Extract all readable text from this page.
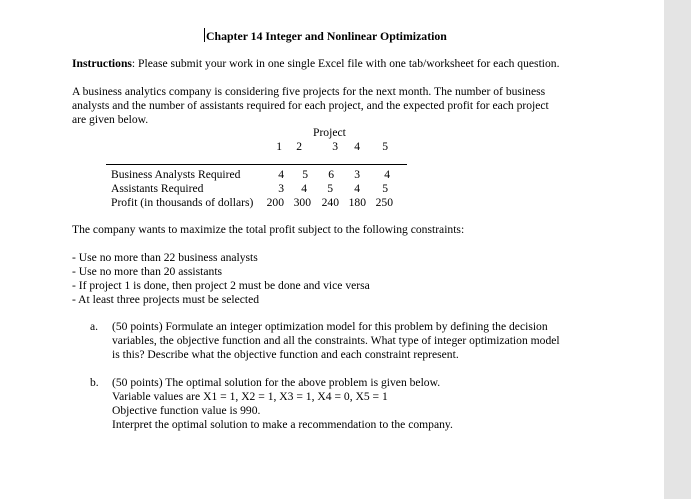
Chapter 14 Integer and Nonlinear Optimization
Instructions: Please submit your work in one single Excel file with one tab/worksheet for each question.
A business analytics company is considering five projects for the next month. The number of business
analysts and the number of assistants required for each project, and the expected profit for each project
are given below.
Project
1	2	3	4	5
Business Analysts Required	4	5	6	3	4
Assistants Required	3	4	5	4	5
Profit (in thousands of dollars)	200 300 240 180 250
The company wants to maximize the total profit subject to the following constraints:
- Use no more than 22 business analysts
- Use no more than 20 assistants
- If project 1 is done, then project 2 must be done and vice versa
- At least three projects must be selected
a. (50 points) Formulate an integer optimization model for this problem by defining the decision
variables, the objective function and all the constraints. What type of integer optimization model
is this? Describe what the objective function and each constraint represent.
b. (50 points) The optimal solution for the above problem is given below.
Variable values are X1 = 1, X2 = 1, X3 = 1, X4 = 0, X5 = 1
Objective function value is 990.
Interpret the optimal solution to make a recommendation to the company.
